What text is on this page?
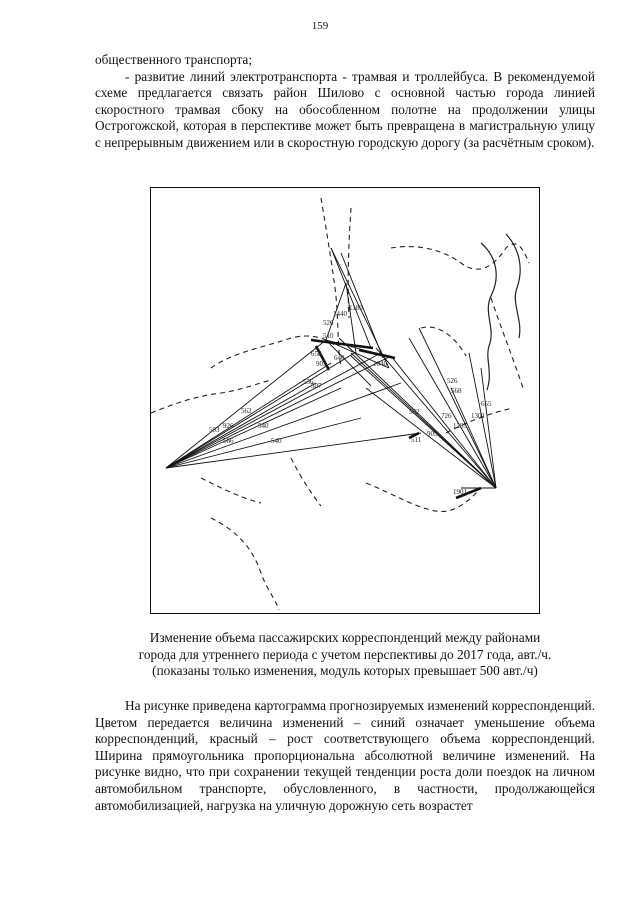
159

общественного транспорта;

- развитие линий электротранспорта - трамвая и троллейбуса. В рекомендуемой схеме предлагается связать район Шилово с основной частью города линией скоростного трамвая сбоку на обособленном полотне на продолжении улицы Острогожской, которая в перспективе может быть превращена в магистральную улицу с непрерывным движением или в скоростную городскую дорогу (за расчётным сроком).

540
566
540
926
562
503
510
536
905
640
658
1440
1180
526
507
1040
726	1301
1285
502
905
568
655
511
526
1901
Изменение объема пассажирских корреспонденций между районами
города для утреннего периода с учетом перспективы до 2017 года, авт./ч.
(показаны только изменения, модуль которых превышает 500 авт./ч)

На рисунке приведена картограмма прогнозируемых изменений корреспонденций. Цветом передается величина изменений – синий означает уменьшение объема корреспонденций, красный – рост соответствующего объема корреспонденций. Ширина прямоугольника пропорциональна абсолютной величине изменений. На рисунке видно, что при сохранении текущей тенденции роста доли поездок на личном автомобильном транспорте, обусловленного, в частности, продолжающейся автомобилизацией, нагрузка на уличную дорожную сеть возрастет
